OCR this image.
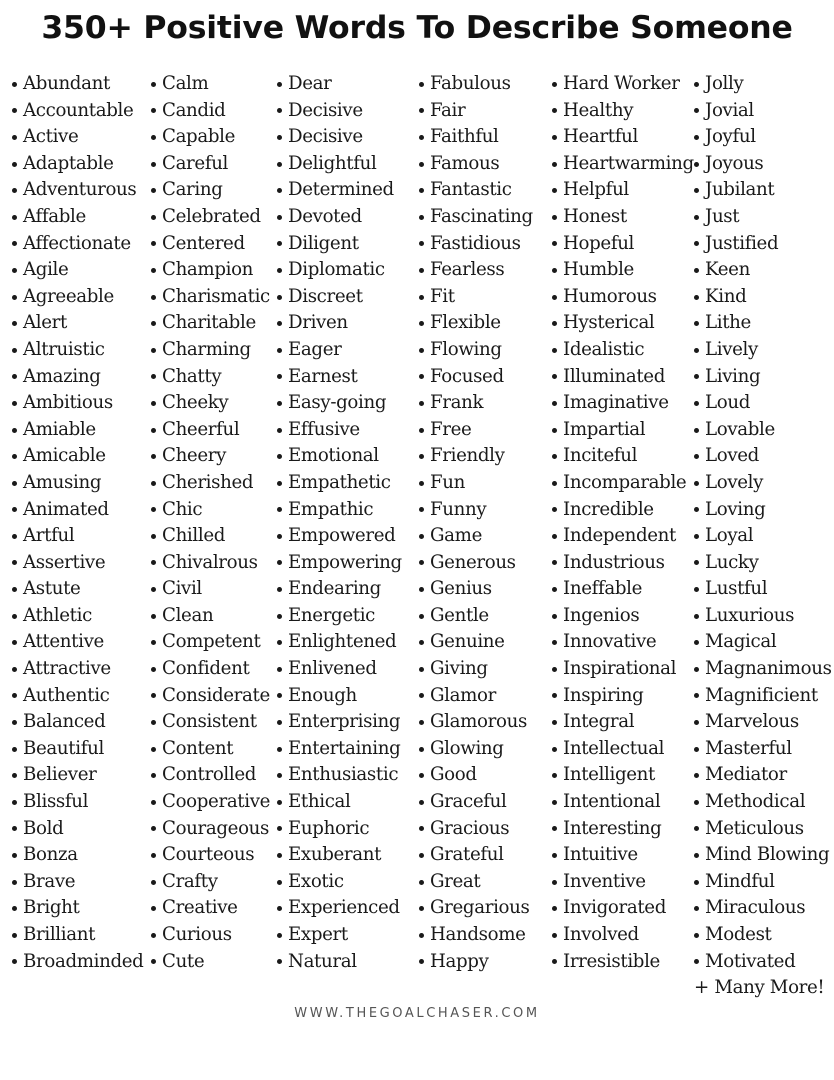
350+ Positive Words To Describe Someone
Abundant
Accountable
Active
Adaptable
Adventurous
Affable
Affectionate
Agile
Agreeable
Alert
Altruistic
Amazing
Ambitious
Amiable
Amicable
Amusing
Animated
Artful
Assertive
Astute
Athletic
Attentive
Attractive
Authentic
Balanced
Beautiful
Believer
Blissful
Bold
Bonza
Brave
Bright
Brilliant
Broadminded
Calm
Candid
Capable
Careful
Caring
Celebrated
Centered
Champion
Charismatic
Charitable
Charming
Chatty
Cheeky
Cheerful
Cheery
Cherished
Chic
Chilled
Chivalrous
Civil
Clean
Competent
Confident
Considerate
Consistent
Content
Controlled
Cooperative
Courageous
Courteous
Crafty
Creative
Curious
Cute
Dear
Decisive
Decisive
Delightful
Determined
Devoted
Diligent
Diplomatic
Discreet
Driven
Eager
Earnest
Easy-going
Effusive
Emotional
Empathetic
Empathic
Empowered
Empowering
Endearing
Energetic
Enlightened
Enlivened
Enough
Enterprising
Entertaining
Enthusiastic
Ethical
Euphoric
Exuberant
Exotic
Experienced
Expert
Natural
Fabulous
Fair
Faithful
Famous
Fantastic
Fascinating
Fastidious
Fearless
Fit
Flexible
Flowing
Focused
Frank
Free
Friendly
Fun
Funny
Game
Generous
Genius
Gentle
Genuine
Giving
Glamor
Glamorous
Glowing
Good
Graceful
Gracious
Grateful
Great
Gregarious
Handsome
Happy
Hard Worker
Healthy
Heartful
Heartwarming
Helpful
Honest
Hopeful
Humble
Humorous
Hysterical
Idealistic
Illuminated
Imaginative
Impartial
Inciteful
Incomparable
Incredible
Independent
Industrious
Ineffable
Ingenios
Innovative
Inspirational
Inspiring
Integral
Intellectual
Intelligent
Intentional
Interesting
Intuitive
Inventive
Invigorated
Involved
Irresistible
Jolly
Jovial
Joyful
Joyous
Jubilant
Just
Justified
Keen
Kind
Lithe
Lively
Living
Loud
Lovable
Loved
Lovely
Loving
Loyal
Lucky
Lustful
Luxurious
Magical
Magnanimous
Magnificient
Marvelous
Masterful
Mediator
Methodical
Meticulous
Mind Blowing
Mindful
Miraculous
Modest
Motivated
+ Many More!
WWW.THEGOALCHASER.COM
